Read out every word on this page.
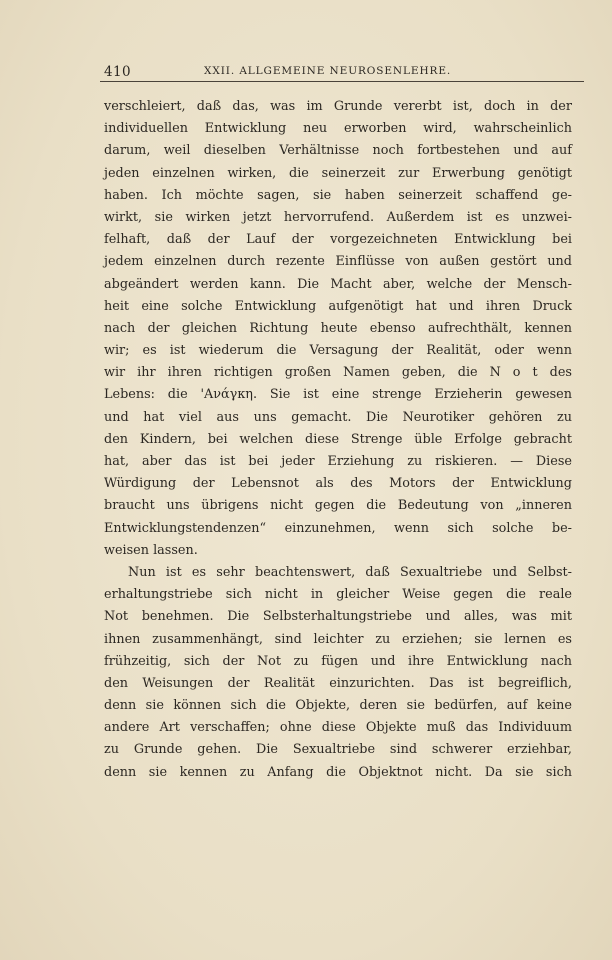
410	XXII. ALLGEMEINE NEUROSENLEHRE.
verschleiert, daß das, was im Grunde vererbt ist, doch in der
individuellen Entwicklung neu erworben wird, wahrscheinlich
darum, weil dieselben Verhältnisse noch fortbestehen und auf
jeden einzelnen wirken, die seinerzeit zur Erwerbung genötigt
haben. Ich möchte sagen, sie haben seinerzeit schaffend ge-
wirkt, sie wirken jetzt hervorrufend. Außerdem ist es unzwei-
felhaft, daß der Lauf der vorgezeichneten Entwicklung bei
jedem einzelnen durch rezente Einflüsse von außen gestört und
abgeändert werden kann. Die Macht aber, welche der Mensch-
heit eine solche Entwicklung aufgenötigt hat und ihren Druck
nach der gleichen Richtung heute ebenso aufrechthält, kennen
wir; es ist wiederum die Versagung der Realität, oder wenn
wir ihr ihren richtigen großen Namen geben, die N o t des
Lebens: die 'Ανάγκη. Sie ist eine strenge Erzieherin gewesen
und hat viel aus uns gemacht. Die Neurotiker gehören zu
den Kindern, bei welchen diese Strenge üble Erfolge gebracht
hat, aber das ist bei jeder Erziehung zu riskieren. — Diese
Würdigung der Lebensnot als des Motors der Entwicklung
braucht uns übrigens nicht gegen die Bedeutung von „inneren
Entwicklungstendenzen“ einzunehmen, wenn sich solche be-
weisen lassen.
Nun ist es sehr beachtenswert, daß Sexualtriebe und Selbst-
erhaltungstriebe sich nicht in gleicher Weise gegen die reale
Not benehmen. Die Selbsterhaltungstriebe und alles, was mit
ihnen zusammenhängt, sind leichter zu erziehen; sie lernen es
frühzeitig, sich der Not zu fügen und ihre Entwicklung nach
den Weisungen der Realität einzurichten. Das ist begreiflich,
denn sie können sich die Objekte, deren sie bedürfen, auf keine
andere Art verschaffen; ohne diese Objekte muß das Individuum
zu Grunde gehen. Die Sexualtriebe sind schwerer erziehbar,
denn sie kennen zu Anfang die Objektnot nicht. Da sie sich
